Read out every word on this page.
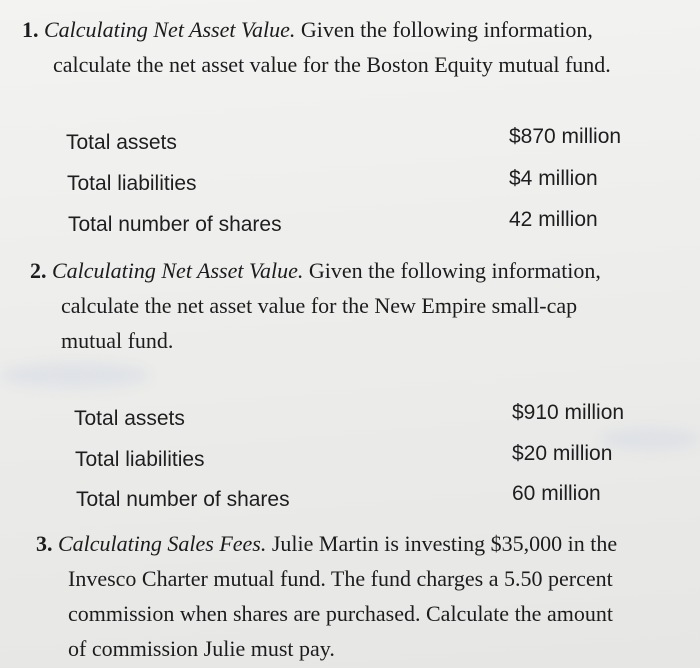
1. Calculating Net Asset Value. Given the following information,
calculate the net asset value for the Boston Equity mutual fund.
Total assets	$870 million
Total liabilities	$4 million
Total number of shares	42 million
2. Calculating Net Asset Value. Given the following information,
calculate the net asset value for the New Empire small-cap
mutual fund.
Total assets	$910 million
Total liabilities	$20 million
Total number of shares	60 million
3. Calculating Sales Fees. Julie Martin is investing $35,000 in the
Invesco Charter mutual fund. The fund charges a 5.50 percent
commission when shares are purchased. Calculate the amount
of commission Julie must pay.
